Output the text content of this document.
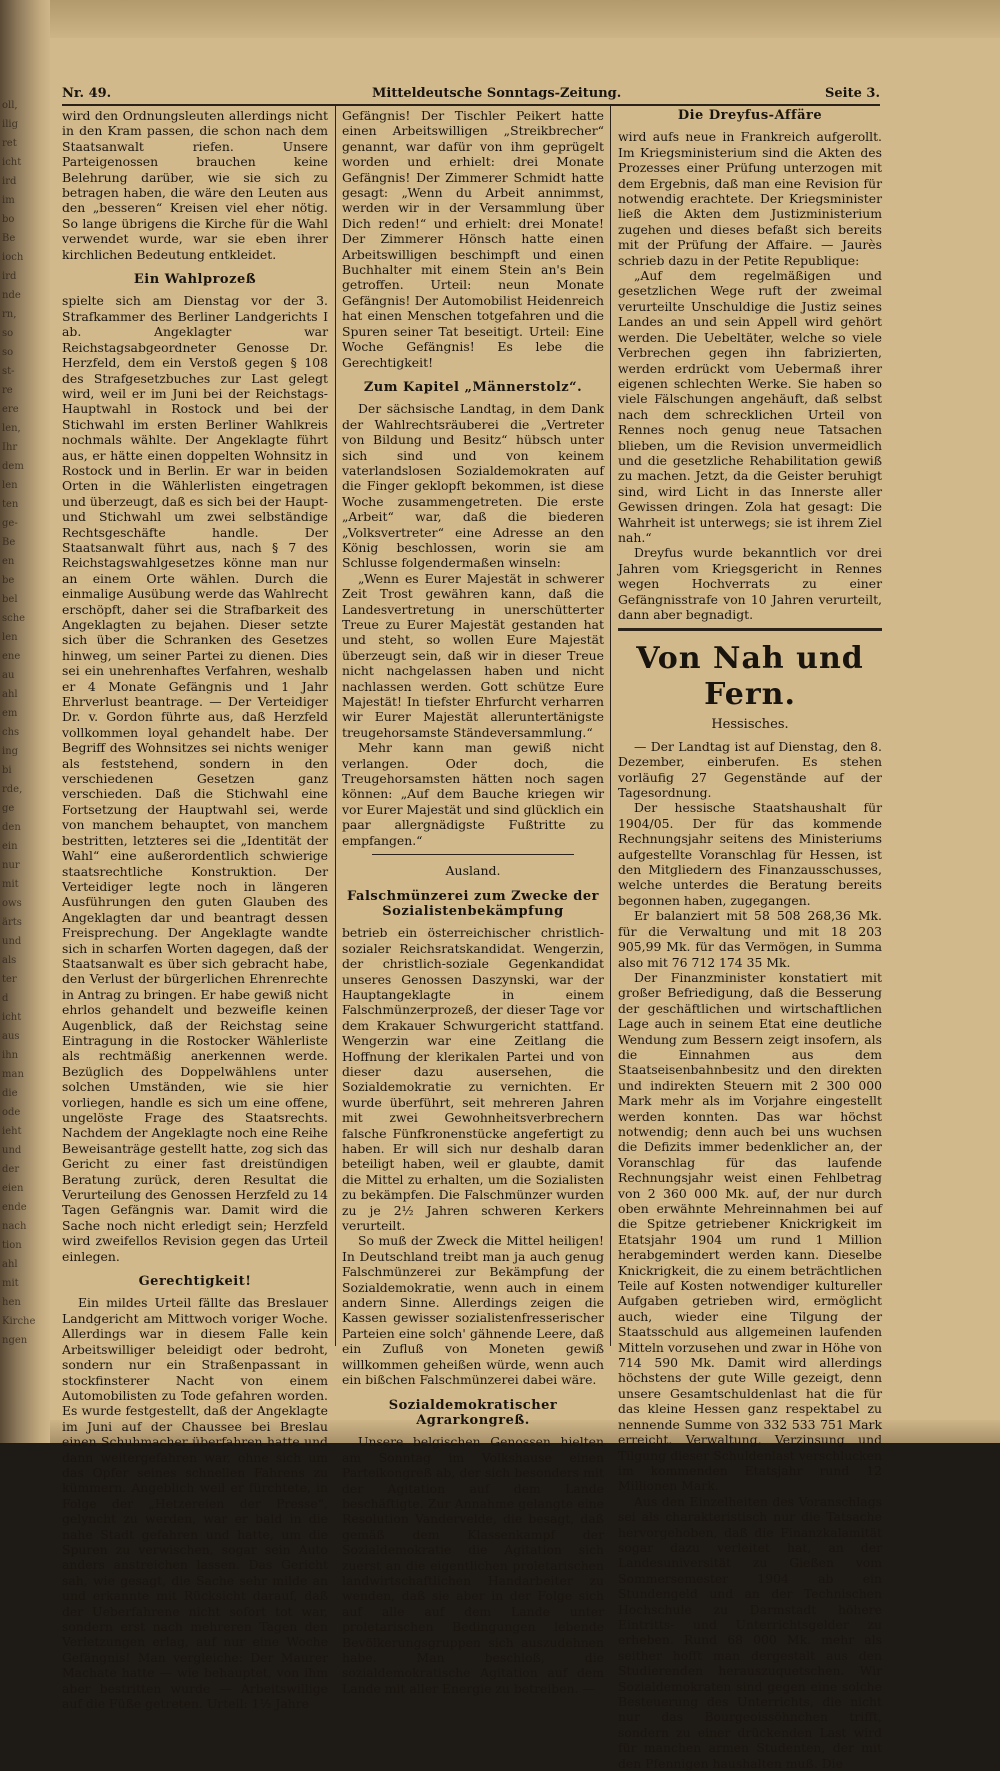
oll,
ilig
ret
icht
ird
im
bo
Be
ioch
ird
nde
rn,
so
so
st-
re
ere
len,
Ihr
dem
len
ten
ge-
Be
en
be
bel
sche
len
ene
au
ahl
em
chs
ing
bi
rde,
ge
den
ein
nur
mit
ows
ärts
und
als
ter
d
icht
aus
ihn
man
die
ode
ieht
und
der
eien
ende
nach
tion
ahl
mit
hen
Kirche
ngen
Nr. 49.	Mitteldeutsche Sonntags-Zeitung.	Seite 3.

wird den Ordnungsleuten allerdings nicht in den Kram passen, die schon nach dem Staatsanwalt riefen. Unsere Parteigenossen brauchen keine Belehrung darüber, wie sie sich zu betragen haben, die wäre den Leuten aus den „besseren“ Kreisen viel eher nötig. So lange übrigens die Kirche für die Wahl verwendet wurde, war sie eben ihrer kirchlichen Bedeutung entkleidet.

Ein Wahlprozeß

spielte sich am Dienstag vor der 3. Strafkammer des Berliner Landgerichts I ab. Angeklagter war Reichstagsabgeordneter Genosse Dr. Herzfeld, dem ein Verstoß gegen § 108 des Strafgesetzbuches zur Last gelegt wird, weil er im Juni bei der Reichstags-Hauptwahl in Rostock und bei der Stichwahl im ersten Berliner Wahlkreis nochmals wählte. Der Angeklagte führt aus, er hätte einen doppelten Wohnsitz in Rostock und in Berlin. Er war in beiden Orten in die Wählerlisten eingetragen und überzeugt, daß es sich bei der Haupt- und Stichwahl um zwei selbständige Rechtsgeschäfte handle. Der Staatsanwalt führt aus, nach § 7 des Reichstagswahlgesetzes könne man nur an einem Orte wählen. Durch die einmalige Ausübung werde das Wahlrecht erschöpft, daher sei die Strafbarkeit des Angeklagten zu bejahen. Dieser setzte sich über die Schranken des Gesetzes hinweg, um seiner Partei zu dienen. Dies sei ein unehrenhaftes Verfahren, weshalb er 4 Monate Gefängnis und 1 Jahr Ehrverlust beantrage. — Der Verteidiger Dr. v. Gordon führte aus, daß Herzfeld vollkommen loyal gehandelt habe. Der Begriff des Wohnsitzes sei nichts weniger als feststehend, sondern in den verschiedenen Gesetzen ganz verschieden. Daß die Stichwahl eine Fortsetzung der Hauptwahl sei, werde von manchem behauptet, von manchem bestritten, letzteres sei die „Identität der Wahl“ eine außerordentlich schwierige staatsrechtliche Konstruktion. Der Verteidiger legte noch in längeren Ausführungen den guten Glauben des Angeklagten dar und beantragt dessen Freisprechung. Der Angeklagte wandte sich in scharfen Worten dagegen, daß der Staatsanwalt es über sich gebracht habe, den Verlust der bürgerlichen Ehrenrechte in Antrag zu bringen. Er habe gewiß nicht ehrlos gehandelt und bezweifle keinen Augenblick, daß der Reichstag seine Eintragung in die Rostocker Wählerliste als rechtmäßig anerkennen werde. Bezüglich des Doppelwählens unter solchen Umständen, wie sie hier vorliegen, handle es sich um eine offene, ungelöste Frage des Staatsrechts. Nachdem der Angeklagte noch eine Reihe Beweisanträge gestellt hatte, zog sich das Gericht zu einer fast dreistündigen Beratung zurück, deren Resultat die Verurteilung des Genossen Herzfeld zu 14 Tagen Gefängnis war. Damit wird die Sache noch nicht erledigt sein; Herzfeld wird zweifellos Revision gegen das Urteil einlegen.

Gerechtigkeit!

Ein mildes Urteil fällte das Breslauer Landgericht am Mittwoch voriger Woche. Allerdings war in diesem Falle kein Arbeitswilliger beleidigt oder bedroht, sondern nur ein Straßenpassant in stockfinsterer Nacht von einem Automobilisten zu Tode gefahren worden. Es wurde festgestellt, daß der Angeklagte im Juni auf der Chaussee bei Breslau einen Schuhmacher überfahren hatte und dann weitergefahren war, ohne sich um das Opfer seines schnellen Fahrens zu kümmern. Angeblich weil er fürchtete, in Folge der „Hetzereien der Presse“, gelyncht zu werden, war er bald in die nahe Stadt gefahren und hatte, um die Spuren zu verwischen, sogar sein Auto anders anstreichen lassen. Das Gericht sah, wie gesagt, die Sache sehr milde an und erkannte mit Rücksicht darauf, daß der Ueberfahrene nicht sofort tot war, sondern erst nach mehreren Tagen den Verletzungen erlag, auf nur eine Woche Gefängnis! Man vergleiche: Der Maurer Machate hatte — wie behauptet, von ihm aber bestritten wurde — Arbeitswillige auf die Füße getreten. Urteil: 1½ Jahre

Gefängnis! Der Tischler Peikert hatte einen Arbeitswilligen „Streikbrecher“ genannt, war dafür von ihm geprügelt worden und erhielt: drei Monate Gefängnis! Der Zimmerer Schmidt hatte gesagt: „Wenn du Arbeit annimmst, werden wir in der Versammlung über Dich reden!“ und erhielt: drei Monate! Der Zimmerer Hönsch hatte einen Arbeitswilligen beschimpft und einen Buchhalter mit einem Stein an's Bein getroffen. Urteil: neun Monate Gefängnis! Der Automobilist Heidenreich hat einen Menschen totgefahren und die Spuren seiner Tat beseitigt. Urteil: Eine Woche Gefängnis! Es lebe die Gerechtigkeit!

Zum Kapitel „Männerstolz“.

Der sächsische Landtag, in dem Dank der Wahlrechtsräuberei die „Vertreter von Bildung und Besitz“ hübsch unter sich sind und von keinem vaterlandslosen Sozialdemokraten auf die Finger geklopft bekommen, ist diese Woche zusammengetreten. Die erste „Arbeit“ war, daß die biederen „Volksvertreter“ eine Adresse an den König beschlossen, worin sie am Schlusse folgendermaßen winseln:

„Wenn es Eurer Majestät in schwerer Zeit Trost gewähren kann, daß die Landesvertretung in unerschütterter Treue zu Eurer Majestät gestanden hat und steht, so wollen Eure Majestät überzeugt sein, daß wir in dieser Treue nicht nachgelassen haben und nicht nachlassen werden. Gott schütze Eure Majestät! In tiefster Ehrfurcht verharren wir Eurer Majestät alleruntertänigste treugehorsamste Ständeversammlung.“

Mehr kann man gewiß nicht verlangen. Oder doch, die Treugehorsamsten hätten noch sagen können: „Auf dem Bauche kriegen wir vor Eurer Majestät und sind glücklich ein paar allergnädigste Fußtritte zu empfangen.“

Ausland.
Falschmünzerei zum Zwecke der Sozialistenbekämpfung

betrieb ein österreichischer christlich-sozialer Reichsratskandidat. Wengerzin, der christlich-soziale Gegenkandidat unseres Genossen Daszynski, war der Hauptangeklagte in einem Falschmünzerprozeß, der dieser Tage vor dem Krakauer Schwurgericht stattfand. Wengerzin war eine Zeitlang die Hoffnung der klerikalen Partei und von dieser dazu ausersehen, die Sozialdemokratie zu vernichten. Er wurde überführt, seit mehreren Jahren mit zwei Gewohnheitsverbrechern falsche Fünfkronenstücke angefertigt zu haben. Er will sich nur deshalb daran beteiligt haben, weil er glaubte, damit die Mittel zu erhalten, um die Sozialisten zu bekämpfen. Die Falschmünzer wurden zu je 2½ Jahren schweren Kerkers verurteilt.

So muß der Zweck die Mittel heiligen! In Deutschland treibt man ja auch genug Falschmünzerei zur Bekämpfung der Sozialdemokratie, wenn auch in einem andern Sinne. Allerdings zeigen die Kassen gewisser sozialistenfresserischer Parteien eine solch' gähnende Leere, daß ein Zufluß von Moneten gewiß willkommen geheißen würde, wenn auch ein bißchen Falschmünzerei dabei wäre.

Sozialdemokratischer Agrarkongreß.

Unsere belgischen Genossen hielten am Sonntag im Volkshause einen Parteikongreß ab, der sich besonders mit der Agitation auf dem Lande beschäftigte. Zur Annahme gelangte eine Resolution Vandervelde, die besagt, daß gemäß dem Klassenkampf der Sozialdemokratie die Agitation sich zuerst an die eigentlichen proletarischen landwirtschaftlichen Handarbeiter zu wenden, daß sie aber in der Folge sich auf alle auf dem Lande unter proletarischen Bedingungen lebende Bevölkerungsgruppen sich auszudehnen habe. Man beschloß, die sozialdemokratische Agitation auf dem Lande mit aller Energie zu betreiben. —

Die Dreyfus-Affäre

wird aufs neue in Frankreich aufgerollt. Im Kriegsministerium sind die Akten des Prozesses einer Prüfung unterzogen mit dem Ergebnis, daß man eine Revision für notwendig erachtete. Der Kriegsminister ließ die Akten dem Justizministerium zugehen und dieses befaßt sich bereits mit der Prüfung der Affaire. — Jaurès schrieb dazu in der Petite Republique:

„Auf dem regelmäßigen und gesetzlichen Wege ruft der zweimal verurteilte Unschuldige die Justiz seines Landes an und sein Appell wird gehört werden. Die Uebeltäter, welche so viele Verbrechen gegen ihn fabrizierten, werden erdrückt vom Uebermaß ihrer eigenen schlechten Werke. Sie haben so viele Fälschungen angehäuft, daß selbst nach dem schrecklichen Urteil von Rennes noch genug neue Tatsachen blieben, um die Revision unvermeidlich und die gesetzliche Rehabilitation gewiß zu machen. Jetzt, da die Geister beruhigt sind, wird Licht in das Innerste aller Gewissen dringen. Zola hat gesagt: Die Wahrheit ist unterwegs; sie ist ihrem Ziel nah.“

Dreyfus wurde bekanntlich vor drei Jahren vom Kriegsgericht in Rennes wegen Hochverrats zu einer Gefängnisstrafe von 10 Jahren verurteilt, dann aber begnadigt.

Von Nah und Fern.
Hessisches.

— Der Landtag ist auf Dienstag, den 8. Dezember, einberufen. Es stehen vorläufig 27 Gegenstände auf der Tagesordnung.

Der hessische Staatshaushalt für 1904/05. Der für das kommende Rechnungsjahr seitens des Ministeriums aufgestellte Voranschlag für Hessen, ist den Mitgliedern des Finanzausschusses, welche unterdes die Beratung bereits begonnen haben, zugegangen.

Er balanziert mit 58 508 268,36 Mk. für die Verwaltung und mit 18 203 905,99 Mk. für das Vermögen, in Summa also mit 76 712 174 35 Mk.

Der Finanzminister konstatiert mit großer Befriedigung, daß die Besserung der geschäftlichen und wirtschaftlichen Lage auch in seinem Etat eine deutliche Wendung zum Bessern zeigt insofern, als die Einnahmen aus dem Staatseisenbahnbesitz und den direkten und indirekten Steuern mit 2 300 000 Mark mehr als im Vorjahre eingestellt werden konnten. Das war höchst notwendig; denn auch bei uns wuchsen die Defizits immer bedenklicher an, der Voranschlag für das laufende Rechnungsjahr weist einen Fehlbetrag von 2 360 000 Mk. auf, der nur durch oben erwähnte Mehreinnahmen bei auf die Spitze getriebener Knickrigkeit im Etatsjahr 1904 um rund 1 Million herabgemindert werden kann. Dieselbe Knickrigkeit, die zu einem beträchtlichen Teile auf Kosten notwendiger kultureller Aufgaben getrieben wird, ermöglicht auch, wieder eine Tilgung der Staatsschuld aus allgemeinen laufenden Mitteln vorzusehen und zwar in Höhe von 714 590 Mk. Damit wird allerdings höchstens der gute Wille gezeigt, denn unsere Gesamtschuldenlast hat die für das kleine Hessen ganz respektabel zu nennende Summe von 332 533 751 Mark erreicht. Verwaltung, Verzinsung und Tilgung dieser Schuldenlast verschlucken im kommenden Etatsjahr rund 12 Millionen Mark.

Aus den Einzelheiten des Voranschlags sei als charakteristisch nur die Tatsache hervorgehoben, daß die Finanzkalamität sogar dazu verleitet hat, an der Landesuniversität zu Gießen vom Sommersemester 1904 ab ein Stundengeld und an der Technischen Hochschule zu Darmstadt höhere Eintritts- und Unterrichtsgelder zu erheben. Rund 68 000 Mk. mehr als seither hofft man dergestalt aus den Studierenden herauszuquetschen. Wir Sozialdemokraten sind gegen eine solche Besteuerung des Unterrichts, die nicht nur das Bourgeoissöhnchen trifft, sondern zu einer drückenden Last wird für manchen armen Studenten, der mit den Pfennigen haushalten muß. Die
